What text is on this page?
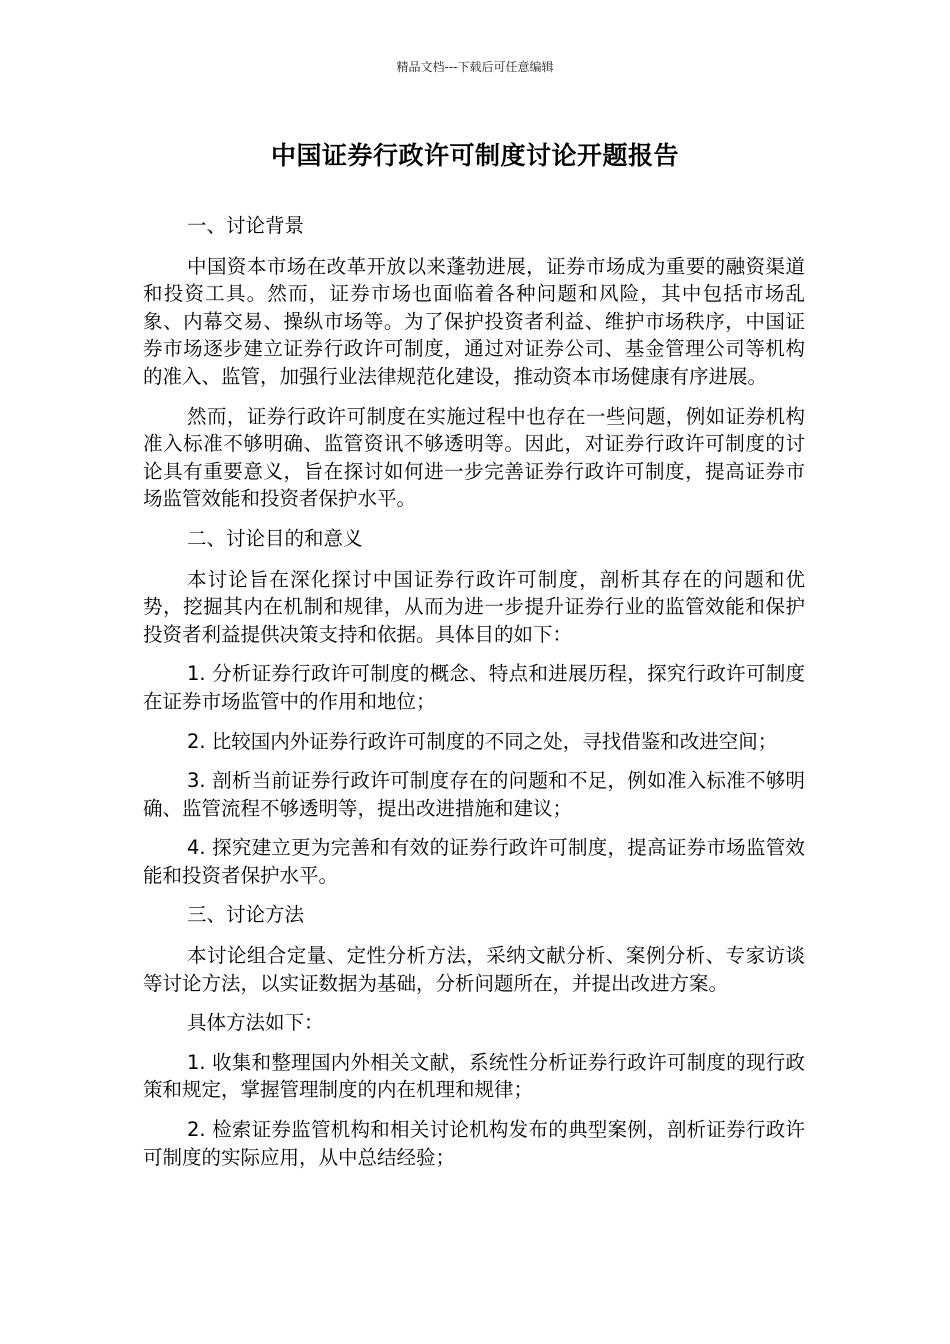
精品文档---下载后可任意编辑
中国证券行政许可制度讨论开题报告

一、讨论背景

中国资本市场在改革开放以来蓬勃进展，证券市场成为重要的融资渠道和投资工具。然而，证券市场也面临着各种问题和风险，其中包括市场乱象、内幕交易、操纵市场等。为了保护投资者利益、维护市场秩序，中国证券市场逐步建立证券行政许可制度，通过对证券公司、基金管理公司等机构的准入、监管，加强行业法律规范化建设，推动资本市场健康有序进展。

然而，证券行政许可制度在实施过程中也存在一些问题，例如证券机构准入标准不够明确、监管资讯不够透明等。因此，对证券行政许可制度的讨论具有重要意义，旨在探讨如何进一步完善证券行政许可制度，提高证券市场监管效能和投资者保护水平。

二、讨论目的和意义

本讨论旨在深化探讨中国证券行政许可制度，剖析其存在的问题和优势，挖掘其内在机制和规律，从而为进一步提升证券行业的监管效能和保护投资者利益提供决策支持和依据。具体目的如下：

1. 分析证券行政许可制度的概念、特点和进展历程，探究行政许可制度在证券市场监管中的作用和地位；

2. 比较国内外证券行政许可制度的不同之处，寻找借鉴和改进空间；

3. 剖析当前证券行政许可制度存在的问题和不足，例如准入标准不够明确、监管流程不够透明等，提出改进措施和建议；

4. 探究建立更为完善和有效的证券行政许可制度，提高证券市场监管效能和投资者保护水平。

三、讨论方法

本讨论组合定量、定性分析方法，采纳文献分析、案例分析、专家访谈等讨论方法，以实证数据为基础，分析问题所在，并提出改进方案。

具体方法如下：

1. 收集和整理国内外相关文献，系统性分析证券行政许可制度的现行政策和规定，掌握管理制度的内在机理和规律；

2. 检索证券监管机构和相关讨论机构发布的典型案例，剖析证券行政许可制度的实际应用，从中总结经验；
